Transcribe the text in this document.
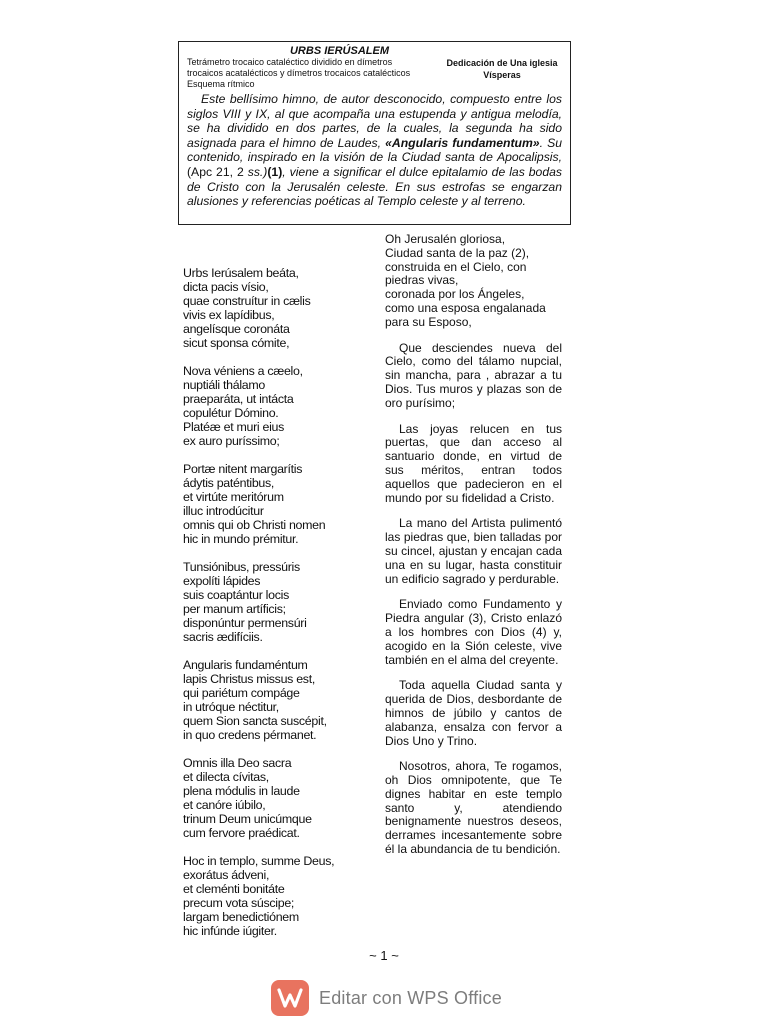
URBS IERÚSALEM
Tetrámetro trocaico cataléctico dividido en dímetros
trocaicos acatalécticos y dímetros trocaicos catalécticos
Esquema rítmico
Dedicación de Una iglesia
Vísperas
Este bellísimo himno, de autor desconocido, compuesto entre los siglos VIII y IX, al que acompaña una estupenda y antigua melodía, se ha dividido en dos partes, de la cuales, la segunda ha sido asignada para el himno de Laudes, «Angularis fundamentum». Su contenido, inspirado en la visión de la Ciudad santa de Apocalipsis, (Apc 21, 2 ss.)(1), viene a significar el dulce epitalamio de las bodas de Cristo con la Jerusalén celeste. En sus estrofas se engarzan alusiones y referencias poéticas al Templo celeste y al terreno.
Urbs Ierúsalem beáta,
dicta pacis vísio,
quae construítur in cælis
vivis ex lapídibus,
angelísque coronáta
sicut sponsa cómite,
Nova véniens a cæelo,
nuptiáli thálamo
praeparáta, ut intácta
copulétur Dómino.
Platéæ et muri eius
ex auro puríssimo;
Portæ nitent margarítis
ádytis paténtibus,
et virtúte meritórum
illuc introdúcitur
omnis qui ob Christi nomen
hic in mundo prémitur.
Tunsiónibus, pressúris
expolíti lápides
suis coaptántur locis
per manum artíficis;
disponúntur permensúri
sacris ædifíciis.
Angularis fundaméntum
lapis Christus missus est,
qui pariétum compáge
in utróque néctitur,
quem Sion sancta suscépit,
in quo credens pérmanet.
Omnis illa Deo sacra
et dilecta cívitas,
plena módulis in laude
et canóre iúbilo,
trinum Deum unicúmque
cum fervore praédicat.
Hoc in templo, summe Deus,
exorátus ádveni,
et cleménti bonitáte
precum vota súscipe;
largam benedictiónem
hic infúnde iúgiter.

Oh Jerusalén gloriosa,
Ciudad santa de la paz (2),
construida en el Cielo, con piedras vivas,
coronada por los Ángeles,
como una esposa engalanada para su Esposo,

Que desciendes nueva del Cielo, como del tálamo nupcial, sin mancha, para , abrazar a tu Dios. Tus muros y plazas son de oro purísimo;

Las joyas relucen en tus puertas, que dan acceso al santuario donde, en virtud de sus méritos, entran todos aquellos que padecieron en el mundo por su fidelidad a Cristo.

La mano del Artista pulimentó las piedras que, bien talladas por su cincel, ajustan y encajan cada una en su lugar, hasta constituir un edificio sagrado y perdurable.

Enviado como Fundamento y Piedra angular (3), Cristo enlazó a los hombres con Dios (4) y, acogido en la Sión celeste, vive también en el alma del creyente.

Toda aquella Ciudad santa y querida de Dios, desbordante de himnos de júbilo y cantos de alabanza, ensalza con fervor a Dios Uno y Trino.

Nosotros, ahora, Te rogamos, oh Dios omnipotente, que Te dignes habitar en este templo santo y, atendiendo benignamente nuestros deseos, derrames incesantemente sobre él la abundancia de tu bendición.

~ 1 ~
Editar con WPS Office
